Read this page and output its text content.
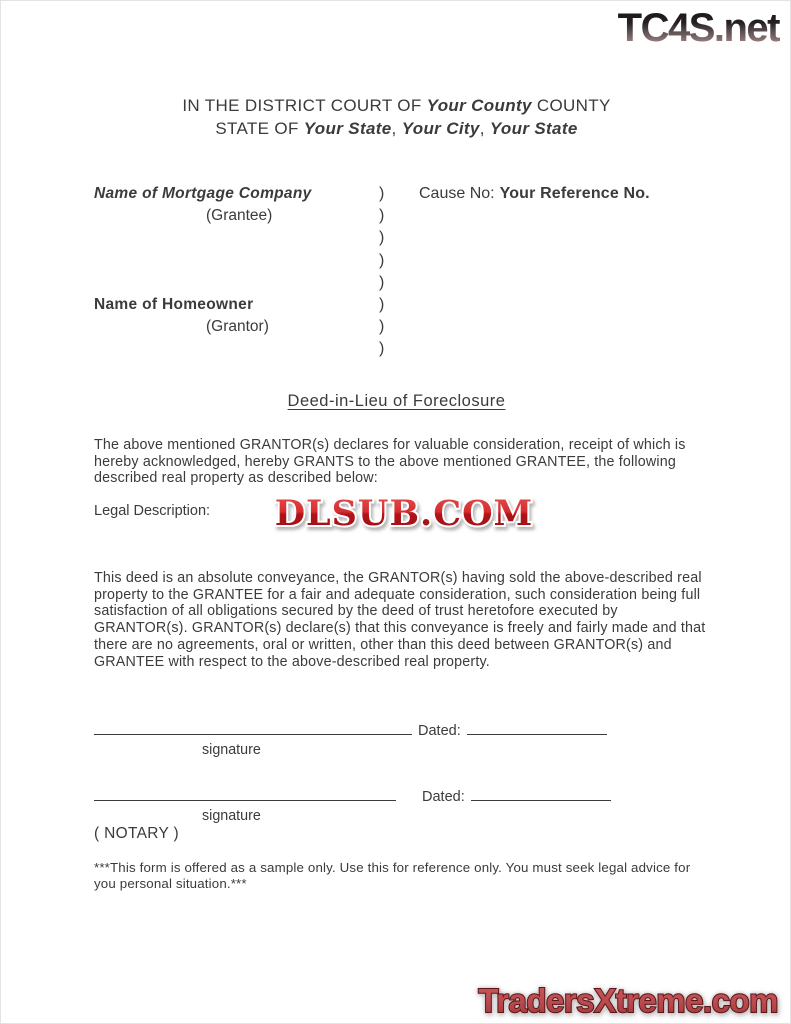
TC4S.net
IN THE DISTRICT COURT OF Your County COUNTY
STATE OF Your State, Your City, Your State
Name of Mortgage Company
(Grantee)
Name of Homeowner
(Grantor)
)
)
)
)
)
)
)
)
Cause No: Your Reference No.
Deed-in-Lieu of Foreclosure

The above mentioned GRANTOR(s) declares for valuable consideration, receipt of which is hereby acknowledged, hereby GRANTS to the above mentioned GRANTEE, the following described real property as described below:

Legal Description: DLSUB.COM

This deed is an absolute conveyance, the GRANTOR(s) having sold the above-described real property to the GRANTEE for a fair and adequate consideration, such consideration being full satisfaction of all obligations secured by the deed of trust heretofore executed by GRANTOR(s). GRANTOR(s) declare(s) that this conveyance is freely and fairly made and that there are no agreements, oral or written, other than this deed between GRANTOR(s) and GRANTEE with respect to the above-described real property.

Dated:
signature
Dated:
signature
( NOTARY )

***This form is offered as a sample only. Use this for reference only. You must seek legal advice for you personal situation.***

TradersXtreme.com
